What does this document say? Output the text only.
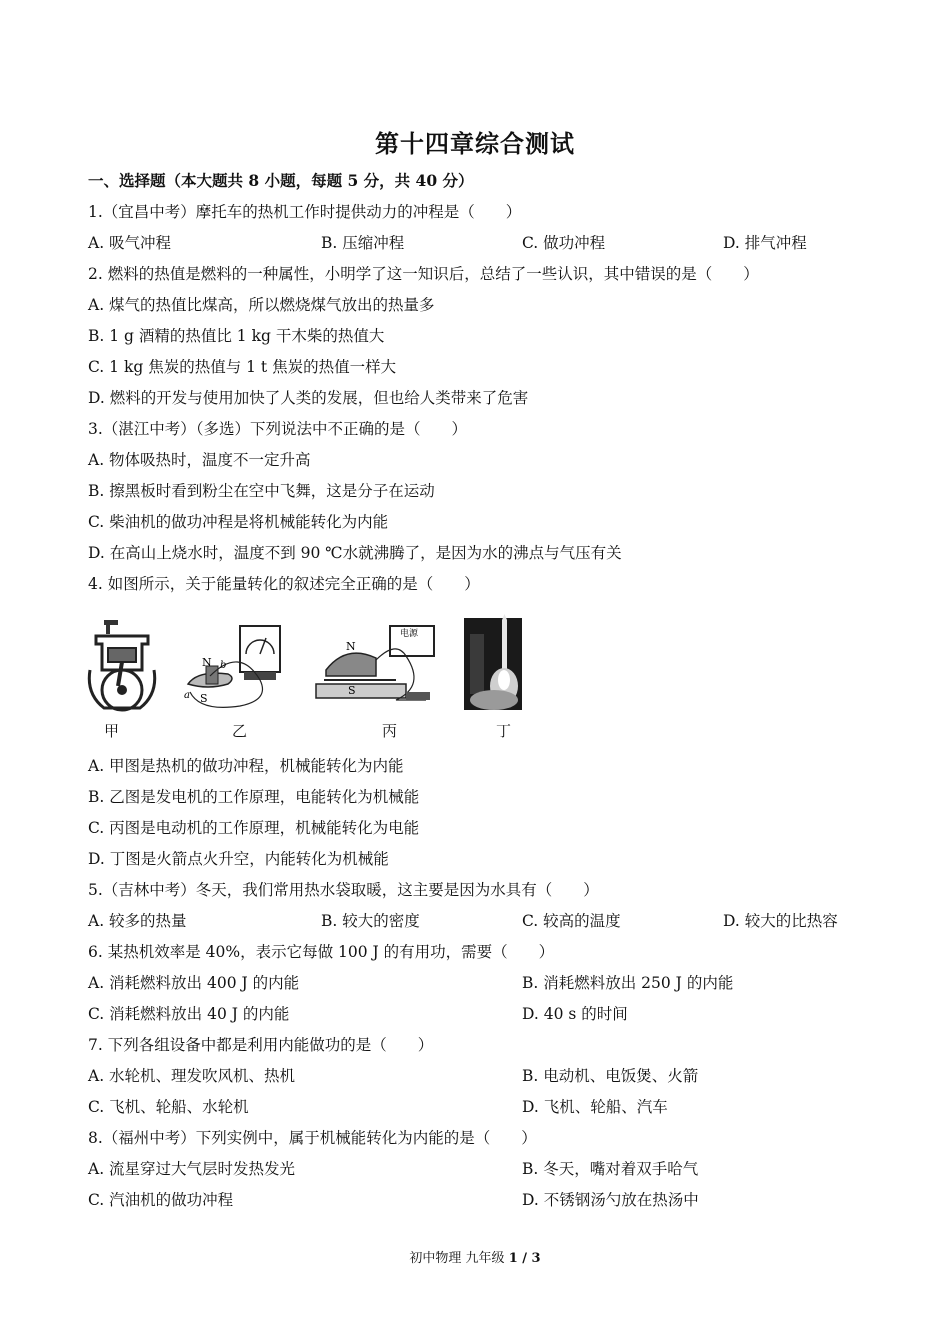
第十四章综合测试
一、选择题（本大题共 8 小题，每题 5 分，共 40 分）
1.（宜昌中考）摩托车的热机工作时提供动力的冲程是（　　）
A. 吸气冲程	B. 压缩冲程	C. 做功冲程	D. 排气冲程
2. 燃料的热值是燃料的一种属性，小明学了这一知识后，总结了一些认识，其中错误的是（　　）
A. 煤气的热值比煤高，所以燃烧煤气放出的热量多
B. 1 g 酒精的热值比 1 kg 干木柴的热值大
C. 1 kg 焦炭的热值与 1 t 焦炭的热值一样大
D. 燃料的开发与使用加快了人类的发展，但也给人类带来了危害
3.（湛江中考）（多选）下列说法中不正确的是（　　）
A. 物体吸热时，温度不一定升高
B. 擦黑板时看到粉尘在空中飞舞，这是分子在运动
C. 柴油机的做功冲程是将机械能转化为内能
D. 在高山上烧水时，温度不到 90 ℃水就沸腾了，是因为水的沸点与气压有关
4. 如图所示，关于能量转化的叙述完全正确的是（　　）
甲
N b
a S
乙
电源
N
S
丙	丁
A. 甲图是热机的做功冲程，机械能转化为内能
B. 乙图是发电机的工作原理，电能转化为机械能
C. 丙图是电动机的工作原理，机械能转化为电能
D. 丁图是火箭点火升空，内能转化为机械能
5.（吉林中考）冬天，我们常用热水袋取暖，这主要是因为水具有（　　）
A. 较多的热量	B. 较大的密度	C. 较高的温度	D. 较大的比热容
6. 某热机效率是 40%，表示它每做 100 J 的有用功，需要（　　）
A. 消耗燃料放出 400 J 的内能	B. 消耗燃料放出 250 J 的内能
C. 消耗燃料放出 40 J 的内能	D. 40 s 的时间
7. 下列各组设备中都是利用内能做功的是（　　）
A. 水轮机、理发吹风机、热机	B. 电动机、电饭煲、火箭
C. 飞机、轮船、水轮机	D. 飞机、轮船、汽车
8.（福州中考）下列实例中，属于机械能转化为内能的是（　　）
A. 流星穿过大气层时发热发光	B. 冬天，嘴对着双手哈气
C. 汽油机的做功冲程	D. 不锈钢汤勺放在热汤中
初中物理 九年级 1 / 3
